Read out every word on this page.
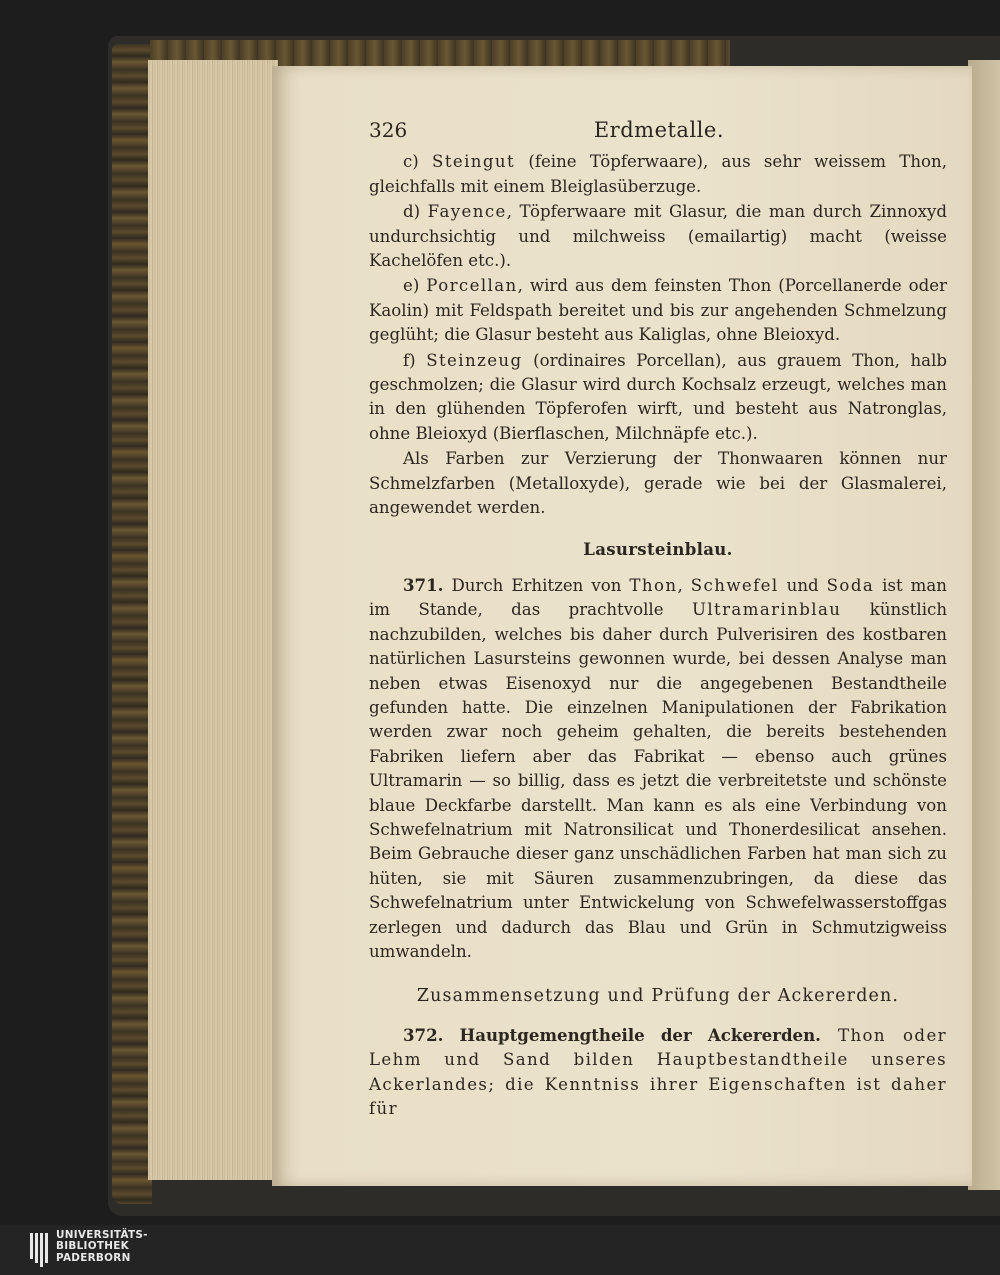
326	Erdmetalle.

c) Steingut (feine Töpferwaare), aus sehr weissem Thon, gleichfalls mit einem Bleiglasüberzuge.

d) Fayence, Töpferwaare mit Glasur, die man durch Zinnoxyd undurchsichtig und milchweiss (emailartig) macht (weisse Kachelöfen etc.).

e) Porcellan, wird aus dem feinsten Thon (Porcellanerde oder Kaolin) mit Feldspath bereitet und bis zur angehenden Schmelzung geglüht; die Glasur besteht aus Kaliglas, ohne Bleioxyd.

f) Steinzeug (ordinaires Porcellan), aus grauem Thon, halb geschmolzen; die Glasur wird durch Kochsalz erzeugt, welches man in den glühenden Töpferofen wirft, und besteht aus Natronglas, ohne Bleioxyd (Bierflaschen, Milchnäpfe etc.).

Als Farben zur Verzierung der Thonwaaren können nur Schmelzfarben (Metalloxyde), gerade wie bei der Glasmalerei, angewendet werden.

Lasursteinblau.

371. Durch Erhitzen von Thon, Schwefel und Soda ist man im Stande, das prachtvolle Ultramarinblau künstlich nachzubilden, welches bis daher durch Pulverisiren des kostbaren natürlichen Lasursteins gewonnen wurde, bei dessen Analyse man neben etwas Eisenoxyd nur die angegebenen Bestandtheile gefunden hatte. Die einzelnen Manipulationen der Fabrikation werden zwar noch geheim gehalten, die bereits bestehenden Fabriken liefern aber das Fabrikat — ebenso auch grünes Ultramarin — so billig, dass es jetzt die verbreitetste und schönste blaue Deckfarbe darstellt. Man kann es als eine Verbindung von Schwefelnatrium mit Natronsilicat und Thonerdesilicat ansehen. Beim Gebrauche dieser ganz unschädlichen Farben hat man sich zu hüten, sie mit Säuren zusammenzubringen, da diese das Schwefelnatrium unter Entwickelung von Schwefelwasserstoffgas zerlegen und dadurch das Blau und Grün in Schmutzigweiss umwandeln.

Zusammensetzung und Prüfung der Ackererden.

372. Hauptgemengtheile der Ackererden. Thon oder Lehm und Sand bilden Hauptbestandtheile unseres Ackerlandes; die Kenntniss ihrer Eigenschaften ist daher für

UNIVERSITÄTS-
BIBLIOTHEK
PADERBORN
